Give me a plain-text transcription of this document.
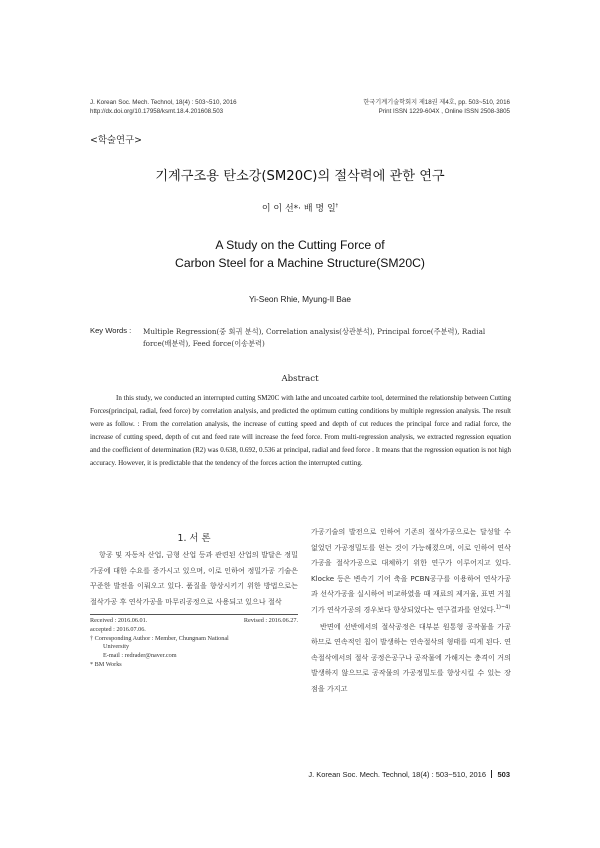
J. Korean Soc. Mech. Technol, 18(4) : 503~510, 2016
http://dx.doi.org/10.17958/ksmt.18.4.201608.503
한국기계기술학회지 제18권 제4호, pp. 503~510, 2016
Print ISSN 1229-604X , Online ISSN 2508-3805
<학술연구>
기계구조용 탄소강(SM20C)의 절삭력에 관한 연구
이 이 선*· 배 명 일†
A Study on the Cutting Force of
Carbon Steel for a Machine Structure(SM20C)
Yi-Seon Rhie, Myung-Il Bae
Key Words : Multiple Regression(중 회귀 분석), Correlation analysis(상관분석), Principal force(주분력), Radial force(배분력), Feed force(이송분력)
Abstract
In this study, we conducted an interrupted cutting SM20C with lathe and uncoated carbite tool, determined the relationship between Cutting Forces(principal, radial, feed force) by correlation analysis, and predicted the optimum cutting conditions by multiple regression analysis. The result were as follow. : From the correlation analysis, the increase of cutting speed and depth of cut reduces the principal force and radial force, the increase of cutting speed, depth of cut and feed rate will increase the feed force. From multi-regression analysis, we extracted regression equation and the coefficient of determination (R2) was 0.638, 0.692, 0.536 at principal, radial and feed force . It means that the regression equation is not high accuracy. However, it is predictable that the tendency of the forces action the interrupted cutting.
1. 서 론
항공 및 자동차 산업, 금형 산업 등과 관련된 산업의 발달은 정밀가공에 대한 수요를 증가시고 있으며, 이로 인하여 정밀가공 기술은 꾸준한 발전을 이뤄오고 있다. 품질을 향상시키기 위한 방법으로는 절삭가공 후 연삭가공을 마무리공정으로 사용되고 있으나 절삭

가공기술의 발전으로 인하여 기존의 절삭가공으로는 달성할 수 없었던 가공정밀도를 얻는 것이 가능해졌으며, 이로 인하여 연삭가공을 절삭가공으로 대체하기 위한 연구가 이루어지고 있다. Klocke 등은 변속기 기어 축을 PCBN공구를 이용하여 연삭가공과 선삭가공을 실시하여 비교하였을 때 재료의 제거율, 표면 거칠기가 연삭가공의 경우보다 향상되었다는 연구결과를 얻었다.$^{1)\sim 4)}$

반면에 선반에서의 절삭공정은 대부분 원통형 공작물을 가공하므로 연속적인 칩이 발생하는 연속절삭의 형태를 띠게 된다. 연속절삭에서의 절삭 공정은공구나 공작물에 가해지는 충격이 거의 발생하지 않으므로 공작물의 가공정밀도를 향상시킬 수 있는 장점을 가지고

Received : 2016.06.01.	Revised : 2016.06.27.
accepted : 2016.07.06.
† Corresponding Author : Member, Chungnam National
University
E-mail : redrader@naver.com
* BM Works
J. Korean Soc. Mech. Technol, 18(4) : 503~510, 2016 503
